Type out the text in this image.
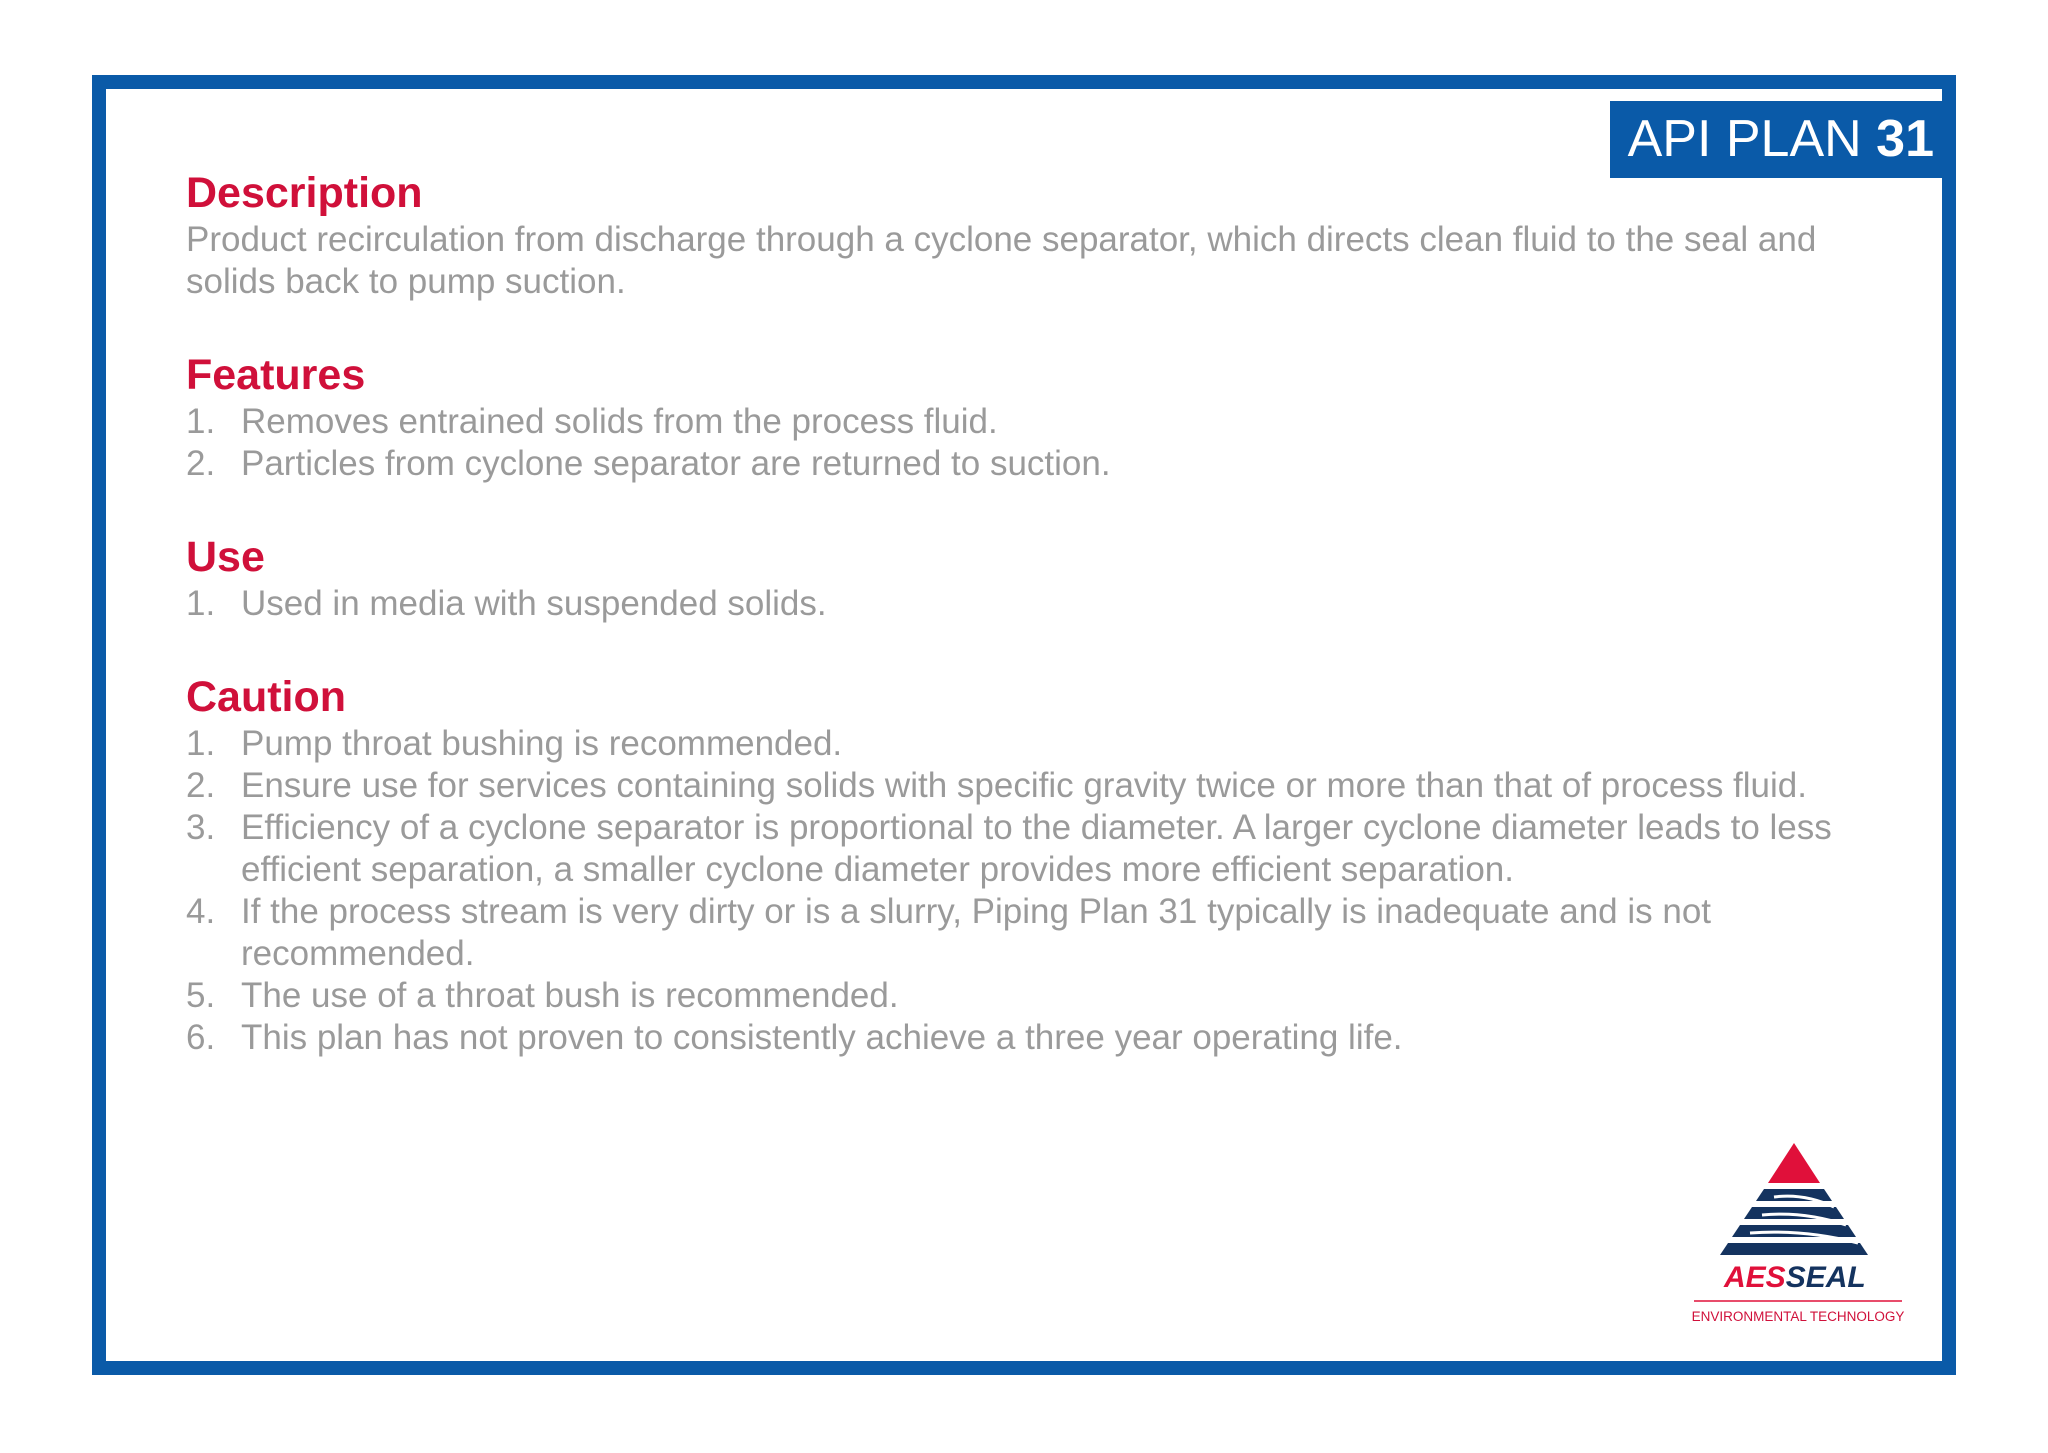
API PLAN 31
Description

Product recirculation from discharge through a cyclone separator, which directs clean fluid to the seal and solids back to pump suction.

Features
1. Removes entrained solids from the process fluid.
2. Particles from cyclone separator are returned to suction.
Use
1. Used in media with suspended solids.
Caution
1. Pump throat bushing is recommended.
2. Ensure use for services containing solids with specific gravity twice or more than that of process fluid.
3. Efficiency of a cyclone separator is proportional to the diameter. A larger cyclone diameter leads to less efficient separation, a smaller cyclone diameter provides more efficient separation.
4. If the process stream is very dirty or is a slurry, Piping Plan 31 typically is inadequate and is not recommended.
5. The use of a throat bush is recommended.
6. This plan has not proven to consistently achieve a three year operating life.
AESSEAL
ENVIRONMENTAL TECHNOLOGY
